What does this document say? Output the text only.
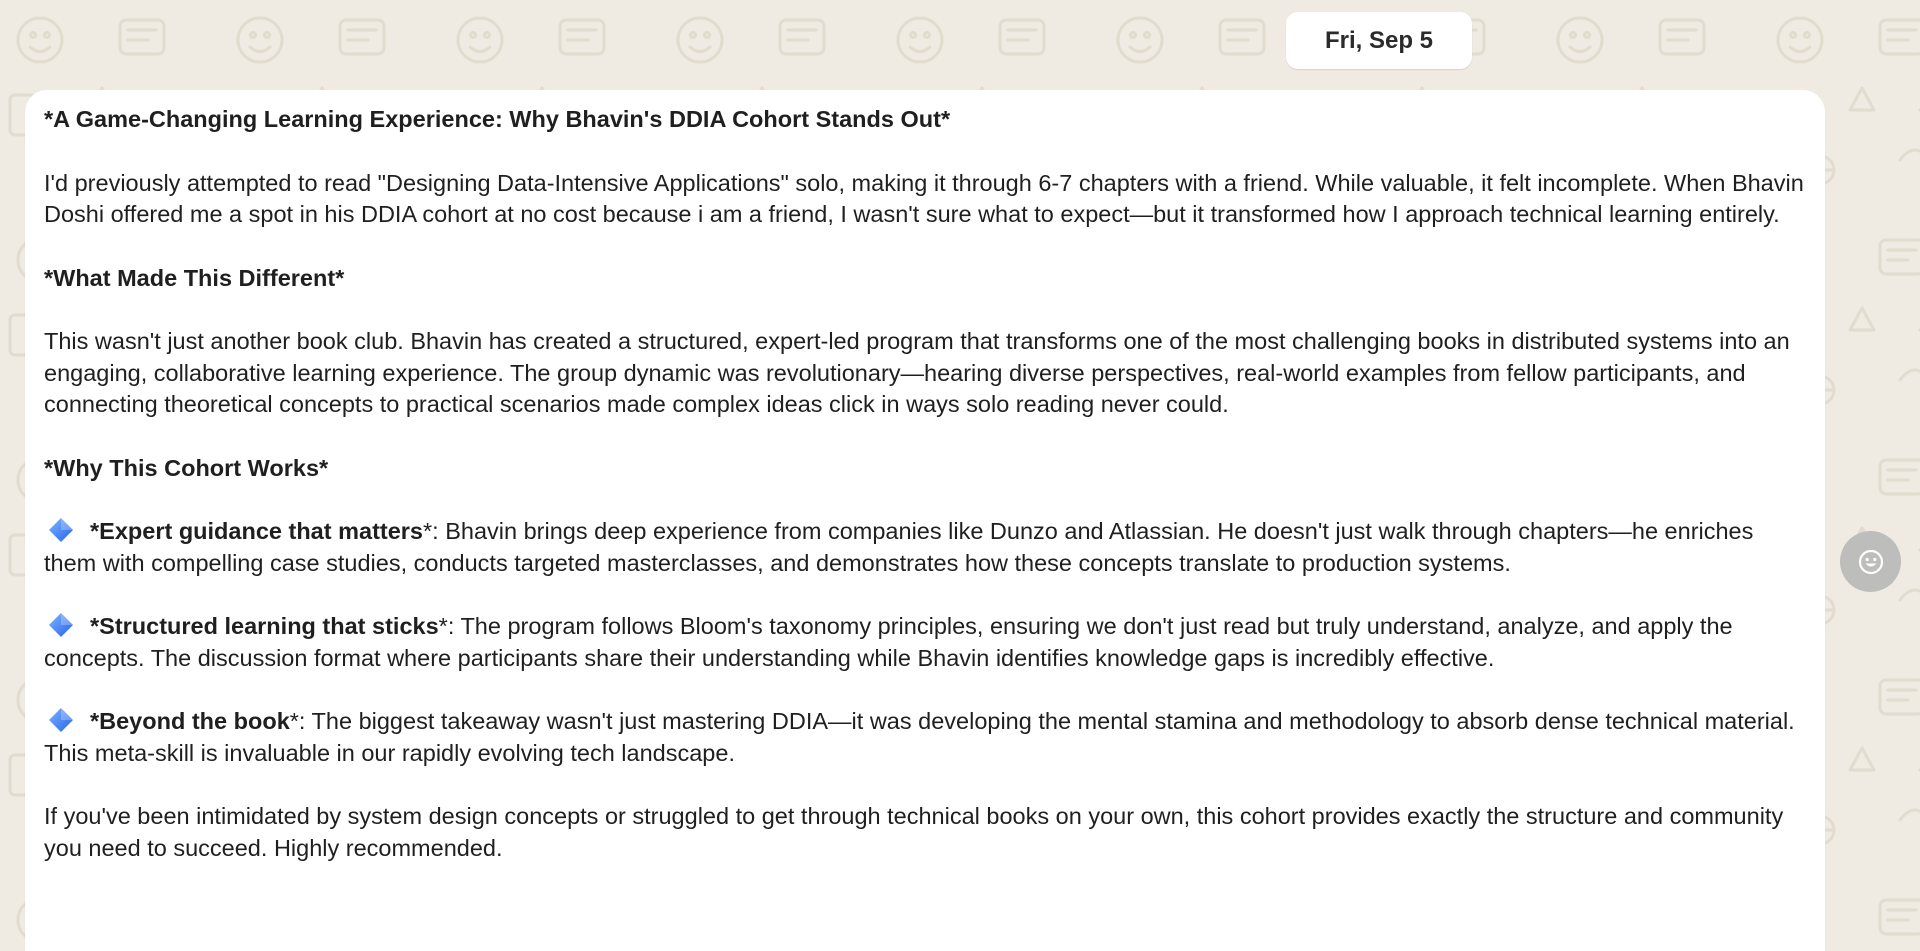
Fri, Sep 5

*A Game-Changing Learning Experience: Why Bhavin's DDIA Cohort Stands Out*

I'd previously attempted to read "Designing Data-Intensive Applications" solo, making it through 6-7 chapters with a friend. While valuable, it felt incomplete. When Bhavin Doshi offered me a spot in his DDIA cohort at no cost because i am a friend, I wasn't sure what to expect—but it transformed how I approach technical learning entirely.

*What Made This Different*

This wasn't just another book club. Bhavin has created a structured, expert-led program that transforms one of the most challenging books in distributed systems into an engaging, collaborative learning experience. The group dynamic was revolutionary—hearing diverse perspectives, real-world examples from fellow participants, and connecting theoretical concepts to practical scenarios made complex ideas click in ways solo reading never could.

*Why This Cohort Works*

*Expert guidance that matters*: Bhavin brings deep experience from companies like Dunzo and Atlassian. He doesn't just walk through chapters—he enriches them with compelling case studies, conducts targeted masterclasses, and demonstrates how these concepts translate to production systems.

*Structured learning that sticks*: The program follows Bloom's taxonomy principles, ensuring we don't just read but truly understand, analyze, and apply the concepts. The discussion format where participants share their understanding while Bhavin identifies knowledge gaps is incredibly effective.

*Beyond the book*: The biggest takeaway wasn't just mastering DDIA—it was developing the mental stamina and methodology to absorb dense technical material. This meta-skill is invaluable in our rapidly evolving tech landscape.

If you've been intimidated by system design concepts or struggled to get through technical books on your own, this cohort provides exactly the structure and community you need to succeed. Highly recommended.
